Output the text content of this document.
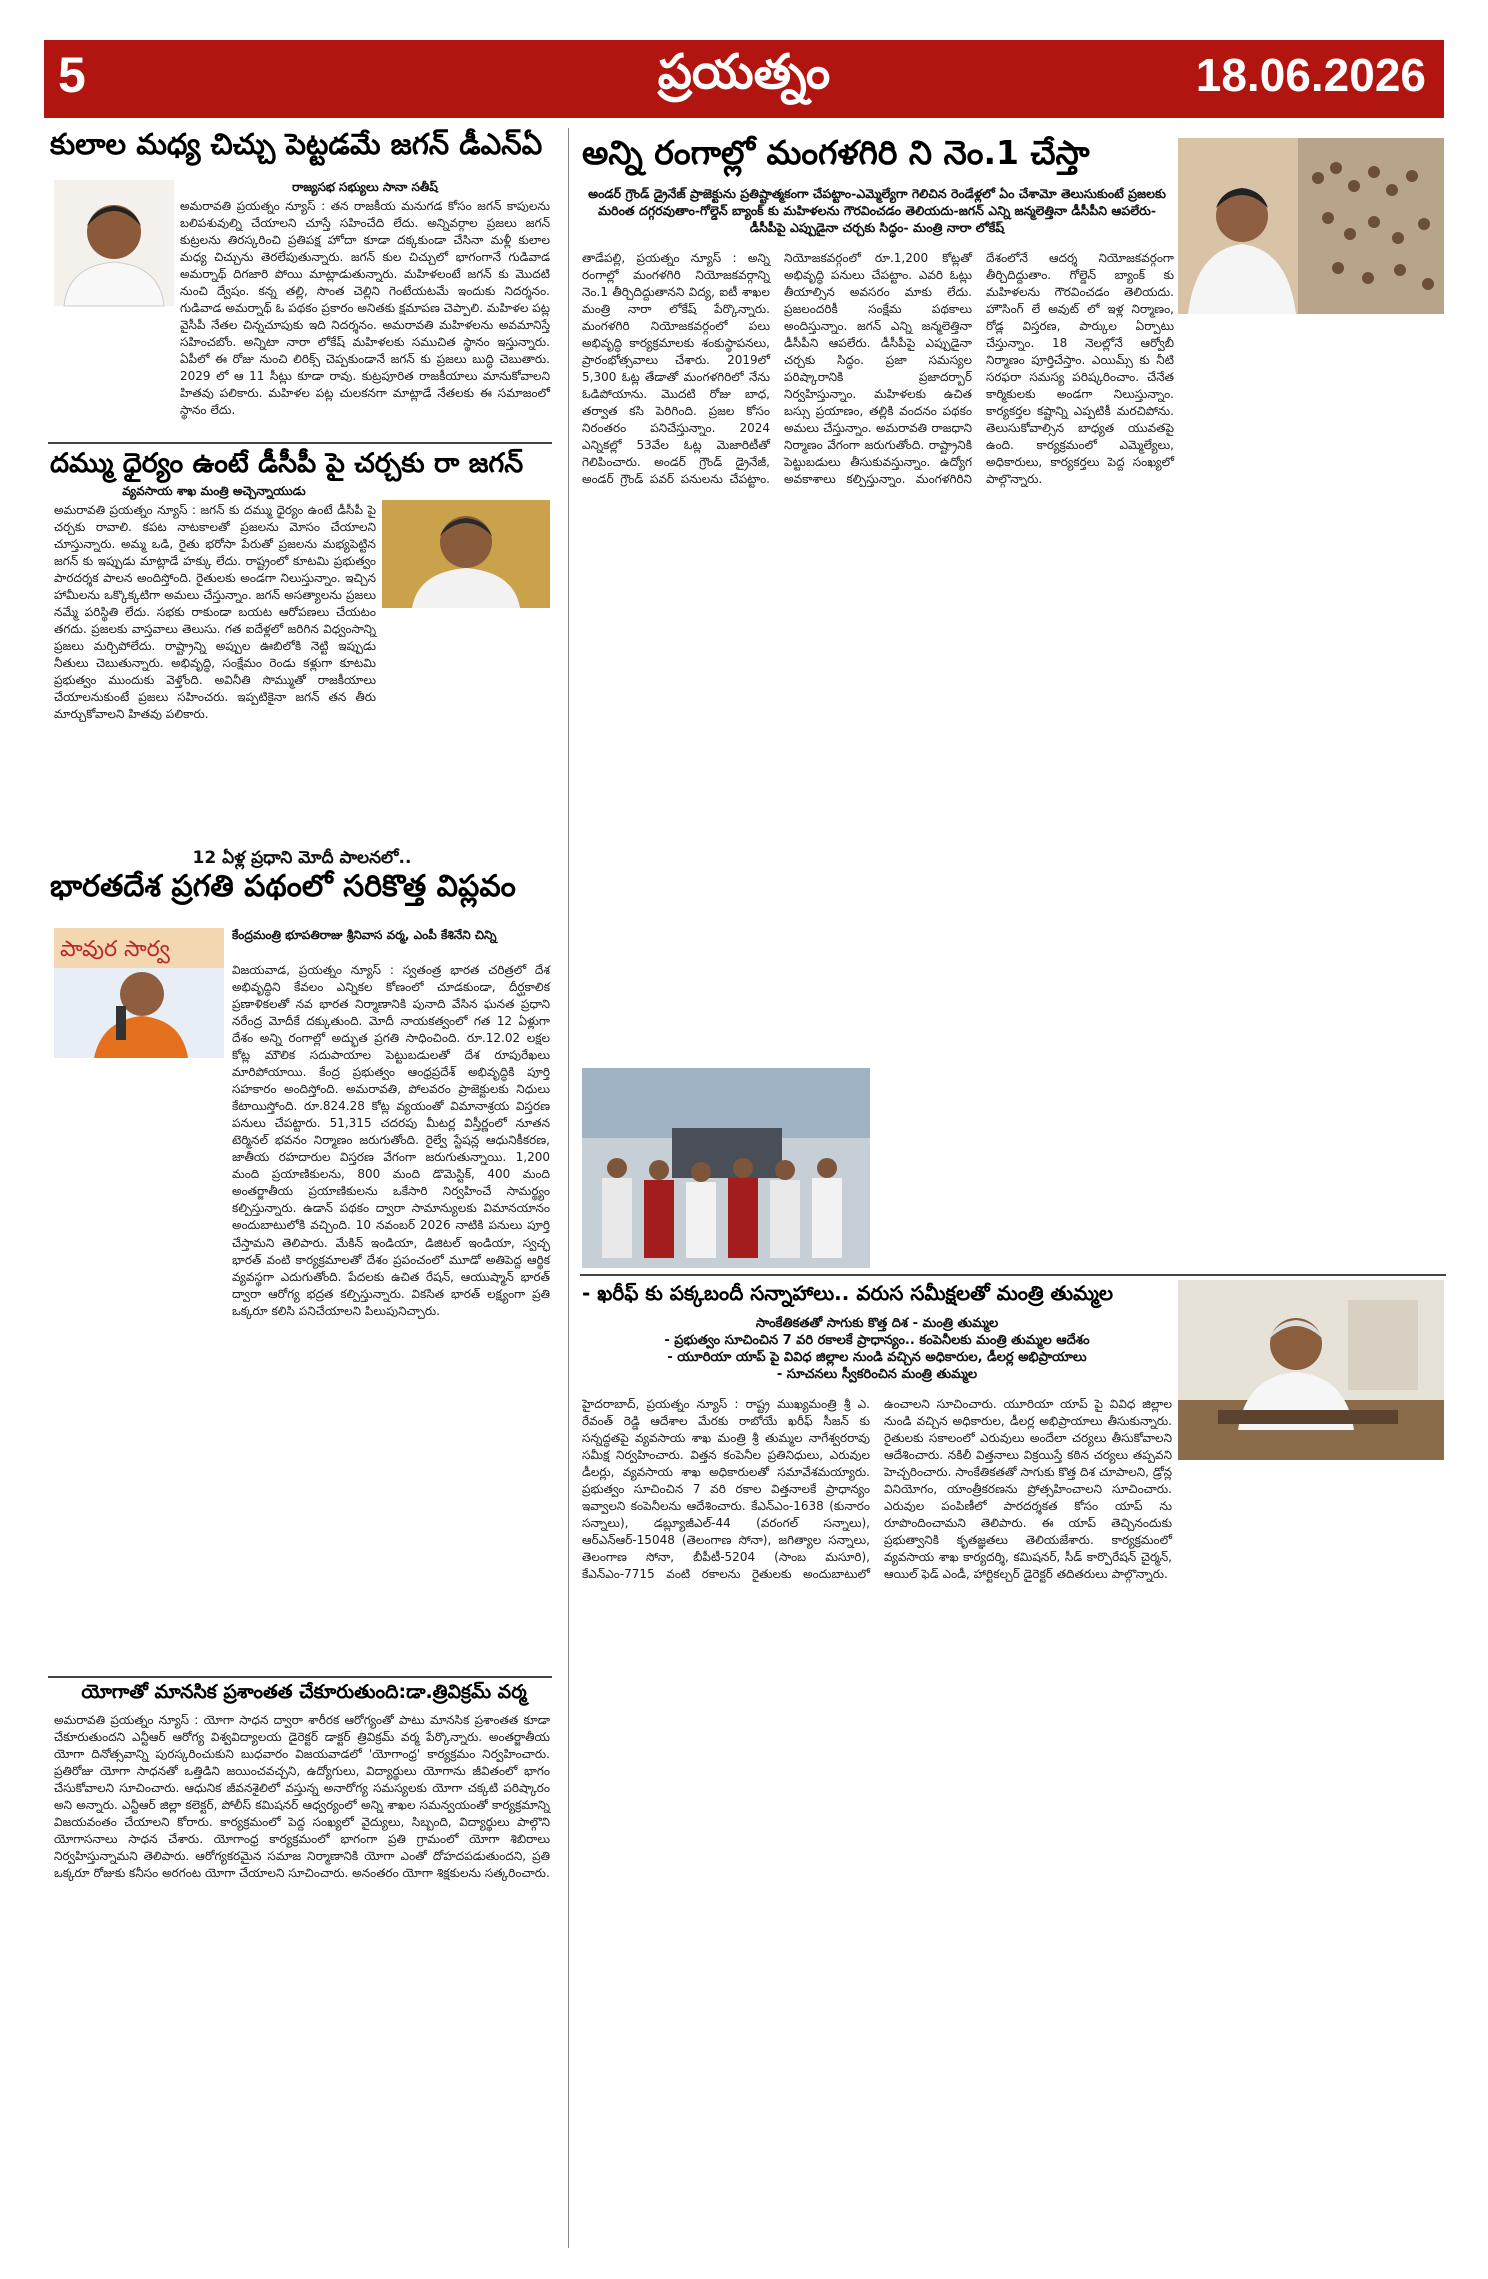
5	ప్రయత్నం	18.06.2026
కులాల మధ్య చిచ్చు పెట్టడమే జగన్ డీఎన్ఏ
రాజ్యసభ సభ్యులు సానా సతీష్
అమరావతి ప్రయత్నం న్యూస్ : తన రాజకీయ మనుగడ కోసం జగన్ కాపులను బలిపశువుల్ని చేయాలని చూస్తే సహించేది లేదు. అన్నివర్గాల ప్రజలు జగన్ కుట్రలను తిరస్కరించి ప్రతిపక్ష హోదా కూడా దక్కకుండా చేసినా మళ్లీ కులాల మధ్య చిచ్చును తెరలేపుతున్నారు. జగన్ కుల చిచ్చులో భాగంగానే గుడివాడ అమర్నాథ్ దిగజారి పోయి మాట్లాడుతున్నారు. మహిళలంటే జగన్ కు మొదటి నుంచి ద్వేషం. కన్న తల్లి, సొంత చెల్లిని గెంటేయటమే ఇందుకు నిదర్శనం. గుడివాడ అమర్నాథ్ ఓ పథకం ప్రకారం అనితకు క్షమాపణ చెప్పాలి. మహిళల పట్ల వైసీపీ నేతల చిన్నచూపుకు ఇది నిదర్శనం. అమరావతి మహిళలను అవమానిస్తే సహించబోం. అన్నిటా నారా లోకేష్ మహిళలకు సముచిత స్థానం ఇస్తున్నారు. ఏపీలో ఈ రోజు నుంచి లిరిక్స్ చెప్పకుండానే జగన్ కు ప్రజలు బుద్ధి చెబుతారు. 2029 లో ఆ 11 సీట్లు కూడా రావు. కుట్రపూరిత రాజకీయాలు మానుకోవాలని హితవు పలికారు. మహిళల పట్ల చులకనగా మాట్లాడే నేతలకు ఈ సమాజంలో స్థానం లేదు.
దమ్ము ధైర్యం ఉంటే డీసీపీ పై చర్చకు రా జగన్
వ్యవసాయ శాఖ మంత్రి అచ్చెన్నాయుడు
అమరావతి ప్రయత్నం న్యూస్ : జగన్ కు దమ్ము ధైర్యం ఉంటే డీసీపీ పై చర్చకు రావాలి. కపట నాటకాలతో ప్రజలను మోసం చేయాలని చూస్తున్నారు. అమ్మ ఒడి, రైతు భరోసా పేరుతో ప్రజలను మభ్యపెట్టిన జగన్ కు ఇప్పుడు మాట్లాడే హక్కు లేదు. రాష్ట్రంలో కూటమి ప్రభుత్వం పారదర్శక పాలన అందిస్తోంది. రైతులకు అండగా నిలుస్తున్నాం. ఇచ్చిన హామీలను ఒక్కొక్కటిగా అమలు చేస్తున్నాం. జగన్ అసత్యాలను ప్రజలు నమ్మే పరిస్థితి లేదు. సభకు రాకుండా బయట ఆరోపణలు చేయటం తగదు. ప్రజలకు వాస్తవాలు తెలుసు. గత ఐదేళ్లలో జరిగిన విధ్వంసాన్ని ప్రజలు మర్చిపోలేదు. రాష్ట్రాన్ని అప్పుల ఊబిలోకి నెట్టి ఇప్పుడు నీతులు చెబుతున్నారు. అభివృద్ధి, సంక్షేమం రెండు కళ్లుగా కూటమి ప్రభుత్వం ముందుకు వెళ్తోంది. అవినీతి సొమ్ముతో రాజకీయాలు చేయాలనుకుంటే ప్రజలు సహించరు. ఇప్పటికైనా జగన్ తన తీరు మార్చుకోవాలని హితవు పలికారు.
12 ఏళ్ల ప్రధాని మోదీ పాలనలో..
భారతదేశ ప్రగతి పథంలో సరికొత్త విప్లవం
పావుర సార్వ
కేంద్రమంత్రి భూపతిరాజు శ్రీనివాస వర్మ, ఎంపీ కేశినేని చిన్ని
విజయవాడ, ప్రయత్నం న్యూస్ : స్వతంత్ర భారత చరిత్రలో దేశ అభివృద్ధిని కేవలం ఎన్నికల కోణంలో చూడకుండా, దీర్ఘకాలిక ప్రణాళికలతో నవ భారత నిర్మాణానికి పునాది వేసిన ఘనత ప్రధాని నరేంద్ర మోదీకే దక్కుతుంది. మోదీ నాయకత్వంలో గత 12 ఏళ్లుగా దేశం అన్ని రంగాల్లో అద్భుత ప్రగతి సాధించింది. రూ.12.02 లక్షల కోట్ల మౌలిక సదుపాయాల పెట్టుబడులతో దేశ రూపురేఖలు మారిపోయాయి. కేంద్ర ప్రభుత్వం ఆంధ్రప్రదేశ్ అభివృద్ధికి పూర్తి సహకారం అందిస్తోంది. అమరావతి, పోలవరం ప్రాజెక్టులకు నిధులు కేటాయిస్తోంది. రూ.824.28 కోట్ల వ్యయంతో విమానాశ్రయ విస్తరణ పనులు చేపట్టారు. 51,315 చదరపు మీటర్ల విస్తీర్ణంలో నూతన టెర్మినల్ భవనం నిర్మాణం జరుగుతోంది. రైల్వే స్టేషన్ల ఆధునికీకరణ, జాతీయ రహదారుల విస్తరణ వేగంగా జరుగుతున్నాయి. 1,200 మంది ప్రయాణికులను, 800 మంది డొమెస్టిక్, 400 మంది అంతర్జాతీయ ప్రయాణికులను ఒకేసారి నిర్వహించే సామర్థ్యం కల్పిస్తున్నారు. ఉడాన్ పథకం ద్వారా సామాన్యులకు విమానయానం అందుబాటులోకి వచ్చింది. 10 నవంబర్ 2026 నాటికి పనులు పూర్తి చేస్తామని తెలిపారు. మేకిన్ ఇండియా, డిజిటల్ ఇండియా, స్వచ్ఛ భారత్ వంటి కార్యక్రమాలతో దేశం ప్రపంచంలో మూడో అతిపెద్ద ఆర్థిక వ్యవస్థగా ఎదుగుతోంది. పేదలకు ఉచిత రేషన్, ఆయుష్మాన్ భారత్ ద్వారా ఆరోగ్య భద్రత కల్పిస్తున్నారు. వికసిత భారత్ లక్ష్యంగా ప్రతి ఒక్కరూ కలిసి పనిచేయాలని పిలుపునిచ్చారు.
యోగాతో మానసిక ప్రశాంతత చేకూరుతుంది:డా.త్రివిక్రమ్ వర్మ
అమరావతి ప్రయత్నం న్యూస్ : యోగా సాధన ద్వారా శారీరక ఆరోగ్యంతో పాటు మానసిక ప్రశాంతత కూడా చేకూరుతుందని ఎన్టీఆర్ ఆరోగ్య విశ్వవిద్యాలయ డైరెక్టర్ డాక్టర్ త్రివిక్రమ్ వర్మ పేర్కొన్నారు. అంతర్జాతీయ యోగా దినోత్సవాన్ని పురస్కరించుకుని బుధవారం విజయవాడలో 'యోగాంధ్ర' కార్యక్రమం నిర్వహించారు. ప్రతిరోజు యోగా సాధనతో ఒత్తిడిని జయించవచ్చని, ఉద్యోగులు, విద్యార్థులు యోగాను జీవితంలో భాగం చేసుకోవాలని సూచించారు. ఆధునిక జీవనశైలిలో వస్తున్న అనారోగ్య సమస్యలకు యోగా చక్కటి పరిష్కారం అని అన్నారు. ఎన్టీఆర్ జిల్లా కలెక్టర్, పోలీస్ కమిషనర్ ఆధ్వర్యంలో అన్ని శాఖల సమన్వయంతో కార్యక్రమాన్ని విజయవంతం చేయాలని కోరారు. కార్యక్రమంలో పెద్ద సంఖ్యలో వైద్యులు, సిబ్బంది, విద్యార్థులు పాల్గొని యోగాసనాలు సాధన చేశారు. యోగాంధ్ర కార్యక్రమంలో భాగంగా ప్రతి గ్రామంలో యోగా శిబిరాలు నిర్వహిస్తున్నామని తెలిపారు. ఆరోగ్యకరమైన సమాజ నిర్మాణానికి యోగా ఎంతో దోహదపడుతుందని, ప్రతి ఒక్కరూ రోజుకు కనీసం అరగంట యోగా చేయాలని సూచించారు. అనంతరం యోగా శిక్షకులను సత్కరించారు.
అన్ని రంగాల్లో మంగళగిరి ని నెం.1 చేస్తా
అండర్ గ్రౌండ్ డ్రైనేజ్ ప్రాజెక్టును ప్రతిష్టాత్మకంగా చేపట్టాం-ఎమ్మెల్యేగా గెలిచిన రెండేళ్లలో ఏం చేశామో తెలుసుకుంటే ప్రజలకు మరింత దగ్గరవుతాం-గోల్డెన్ బ్యాంక్ కు మహిళలను గౌరవించడం తెలియదు-జగన్ ఎన్ని జన్మలెత్తినా డీసీపీని ఆపలేరు-డీసీపీపై ఎప్పుడైనా చర్చకు సిద్ధం- మంత్రి నారా లోకేష్
తాడేపల్లి, ప్రయత్నం న్యూస్ : అన్ని రంగాల్లో మంగళగిరి నియోజకవర్గాన్ని నెం.1 తీర్చిదిద్దుతానని విద్య, ఐటీ శాఖల మంత్రి నారా లోకేష్ పేర్కొన్నారు. మంగళగిరి నియోజకవర్గంలో పలు అభివృద్ధి కార్యక్రమాలకు శంకుస్థాపనలు, ప్రారంభోత్సవాలు చేశారు. 2019లో 5,300 ఓట్ల తేడాతో మంగళగిరిలో నేను ఓడిపోయాను. మొదటి రోజు బాధ, తర్వాత కసి పెరిగింది. ప్రజల కోసం నిరంతరం పనిచేస్తున్నాం. 2024 ఎన్నికల్లో 53వేల ఓట్ల మెజారిటీతో గెలిపించారు. అండర్ గ్రౌండ్ డ్రైనేజీ, అండర్ గ్రౌండ్ పవర్ పనులను చేపట్టాం. నియోజకవర్గంలో రూ.1,200 కోట్లతో అభివృద్ధి పనులు చేపట్టాం. ఎవరి ఓట్లు తీయాల్సిన అవసరం మాకు లేదు. ప్రజలందరికీ సంక్షేమ పథకాలు అందిస్తున్నాం. జగన్ ఎన్ని జన్మలెత్తినా డీసీపీని ఆపలేరు. డీసీపీపై ఎప్పుడైనా చర్చకు సిద్ధం. ప్రజా సమస్యల పరిష్కారానికి ప్రజాదర్బార్ నిర్వహిస్తున్నాం. మహిళలకు ఉచిత బస్సు ప్రయాణం, తల్లికి వందనం పథకం అమలు చేస్తున్నాం. అమరావతి రాజధాని నిర్మాణం వేగంగా జరుగుతోంది. రాష్ట్రానికి పెట్టుబడులు తీసుకువస్తున్నాం. ఉద్యోగ అవకాశాలు కల్పిస్తున్నాం. మంగళగిరిని దేశంలోనే ఆదర్శ నియోజకవర్గంగా తీర్చిదిద్దుతాం. గోల్డెన్ బ్యాంక్ కు మహిళలను గౌరవించడం తెలియదు. హౌసింగ్ లే అవుట్ లో ఇళ్ల నిర్మాణం, రోడ్ల విస్తరణ, పార్కుల ఏర్పాటు చేస్తున్నాం. 18 నెలల్లోనే ఆర్వోబీ నిర్మాణం పూర్తిచేస్తాం. ఎయిమ్స్ కు నీటి సరఫరా సమస్య పరిష్కరించాం. చేనేత కార్మికులకు అండగా నిలుస్తున్నాం. కార్యకర్తల కష్టాన్ని ఎప్పటికీ మరచిపోను. తెలుసుకోవాల్సిన బాధ్యత యువతపై ఉంది. కార్యక్రమంలో ఎమ్మెల్యేలు, అధికారులు, కార్యకర్తలు పెద్ద సంఖ్యలో పాల్గొన్నారు.
- ఖరీఫ్ కు పక్కబందీ సన్నాహాలు.. వరుస సమీక్షలతో మంత్రి తుమ్మల
సాంకేతికతతో సాగుకు కొత్త దిశ - మంత్రి తుమ్మల
- ప్రభుత్వం సూచించిన 7 వరి రకాలకే ప్రాధాన్యం.. కంపెనీలకు మంత్రి తుమ్మల ఆదేశం
- యూరియా యాప్ పై వివిధ జిల్లాల నుండి వచ్చిన అధికారుల, డీలర్ల అభిప్రాయాలు
- సూచనలు స్వీకరించిన మంత్రి తుమ్మల
హైదరాబాద్, ప్రయత్నం న్యూస్ : రాష్ట్ర ముఖ్యమంత్రి శ్రీ ఎ. రేవంత్ రెడ్డి ఆదేశాల మేరకు రాబోయే ఖరీఫ్ సీజన్ కు సన్నద్ధతపై వ్యవసాయ శాఖ మంత్రి శ్రీ తుమ్మల నాగేశ్వరరావు సమీక్ష నిర్వహించారు. విత్తన కంపెనీల ప్రతినిధులు, ఎరువుల డీలర్లు, వ్యవసాయ శాఖ అధికారులతో సమావేశమయ్యారు. ప్రభుత్వం సూచించిన 7 వరి రకాల విత్తనాలకే ప్రాధాన్యం ఇవ్వాలని కంపెనీలను ఆదేశించారు. కేఎన్ఎం-1638 (కునారం సన్నాలు), డబ్ల్యూజీఎల్-44 (వరంగల్ సన్నాలు), ఆర్ఎన్ఆర్-15048 (తెలంగాణ సోనా), జగిత్యాల సన్నాలు, తెలంగాణ సోనా, బీపీటీ-5204 (సాంబ మసూరి), కేఎన్ఎం-7715 వంటి రకాలను రైతులకు అందుబాటులో ఉంచాలని సూచించారు. యూరియా యాప్ పై వివిధ జిల్లాల నుండి వచ్చిన అధికారుల, డీలర్ల అభిప్రాయాలు తీసుకున్నారు. రైతులకు సకాలంలో ఎరువులు అందేలా చర్యలు తీసుకోవాలని ఆదేశించారు. నకిలీ విత్తనాలు విక్రయిస్తే కఠిన చర్యలు తప్పవని హెచ్చరించారు. సాంకేతికతతో సాగుకు కొత్త దిశ చూపాలని, డ్రోన్ల వినియోగం, యాంత్రీకరణను ప్రోత్సహించాలని సూచించారు. ఎరువుల పంపిణీలో పారదర్శకత కోసం యాప్ ను రూపొందించామని తెలిపారు. ఈ యాప్ తెచ్చినందుకు ప్రభుత్వానికి కృతజ్ఞతలు తెలియజేశారు. కార్యక్రమంలో వ్యవసాయ శాఖ కార్యదర్శి, కమిషనర్, సీడ్ కార్పొరేషన్ చైర్మన్, ఆయిల్ ఫెడ్ ఎండీ, హార్టికల్చర్ డైరెక్టర్ తదితరులు పాల్గొన్నారు.
